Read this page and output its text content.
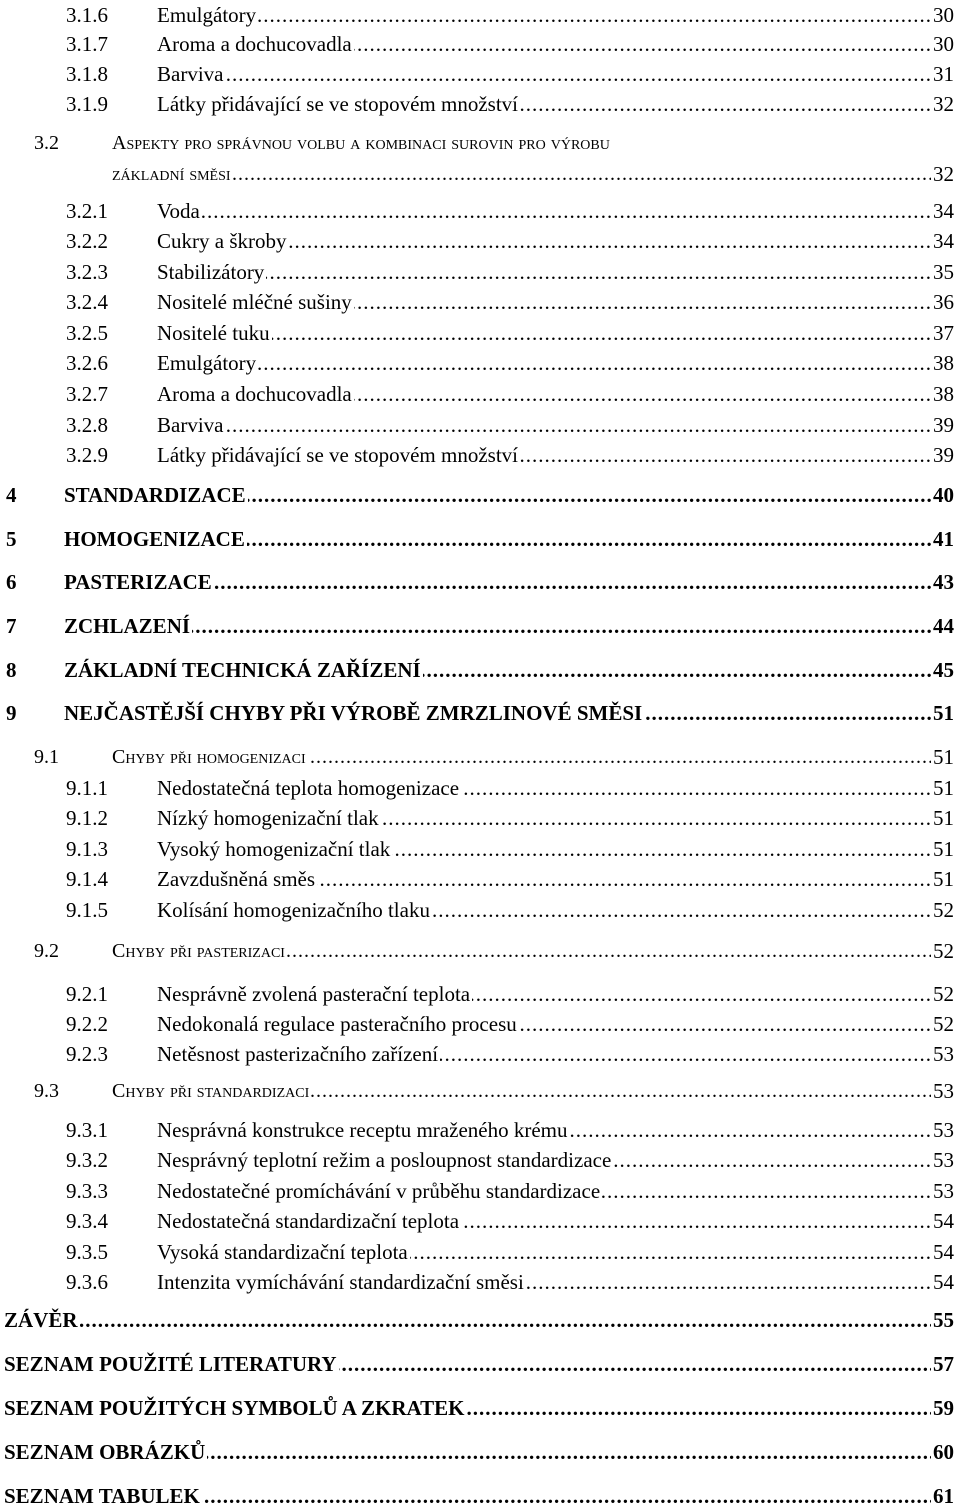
3.1.6 ..... Emulgátory	30
3.1.7 ..... Aroma a dochucovadla	30
3.1.8 ..... Barviva	31
3.1.9 ..... Látky přidávající se ve stopovém množství	32
3.2	Aspekty pro správnou volbu a kombinaci surovin pro výrobu
.....
základní směsi	32
3.2.1 ..... Voda	34
3.2.2 ..... Cukry a škroby	34
3.2.3 ..... Stabilizátory	35
3.2.4 ..... Nositelé mléčné sušiny	36
3.2.5 ..... Nositelé tuku	37
3.2.6 ..... Emulgátory	38
3.2.7 ..... Aroma a dochucovadla	38
3.2.8 ..... Barviva	39
3.2.9 ..... Látky přidávající se ve stopovém množství	39
4 ..... STANDARDIZACE	40
5 ..... HOMOGENIZACE	41
6 ..... PASTERIZACE	43
7 ..... ZCHLAZENÍ	44
8 ..... ZÁKLADNÍ TECHNICKÁ ZAŘÍZENÍ	45
9 ..... NEJČASTĚJŠÍ CHYBY PŘI VÝROBĚ ZMRZLINOVÉ SMĚSI	51
9.1 .....	Chyby při homogenizaci	51
9.1.1 ..... Nedostatečná teplota homogenizace	51
9.1.2 ..... Nízký homogenizační tlak	51
9.1.3 ..... Vysoký homogenizační tlak	51
9.1.4 ..... Zavzdušněná směs	51
9.1.5 ..... Kolísání homogenizačního tlaku	52
9.2 .....	Chyby při pasterizaci	52
9.2.1 ..... Nesprávně zvolená pasterační teplota	52
9.2.2 ..... Nedokonalá regulace pasteračního procesu	52
9.2.3 ..... Netěsnost pasterizačního zařízení	53
9.3 .....	Chyby při standardizaci	53
9.3.1 ..... Nesprávná konstrukce receptu mraženého krému	53
9.3.2 ..... Nesprávný teplotní režim a posloupnost standardizace	53
9.3.3 ..... Nedostatečné promíchávání v průběhu standardizace	53
9.3.4 ..... Nedostatečná standardizační teplota	54
9.3.5 ..... Vysoká standardizační teplota	54
9.3.6 ..... Intenzita vymíchávání standardizační směsi	54
.....
ZÁVĚR	55
.....
SEZNAM POUŽITÉ LITERATURY	57
.....
SEZNAM POUŽITÝCH SYMBOLŮ A ZKRATEK	59
.....
SEZNAM OBRÁZKŮ	60
.....
SEZNAM TABULEK	61
